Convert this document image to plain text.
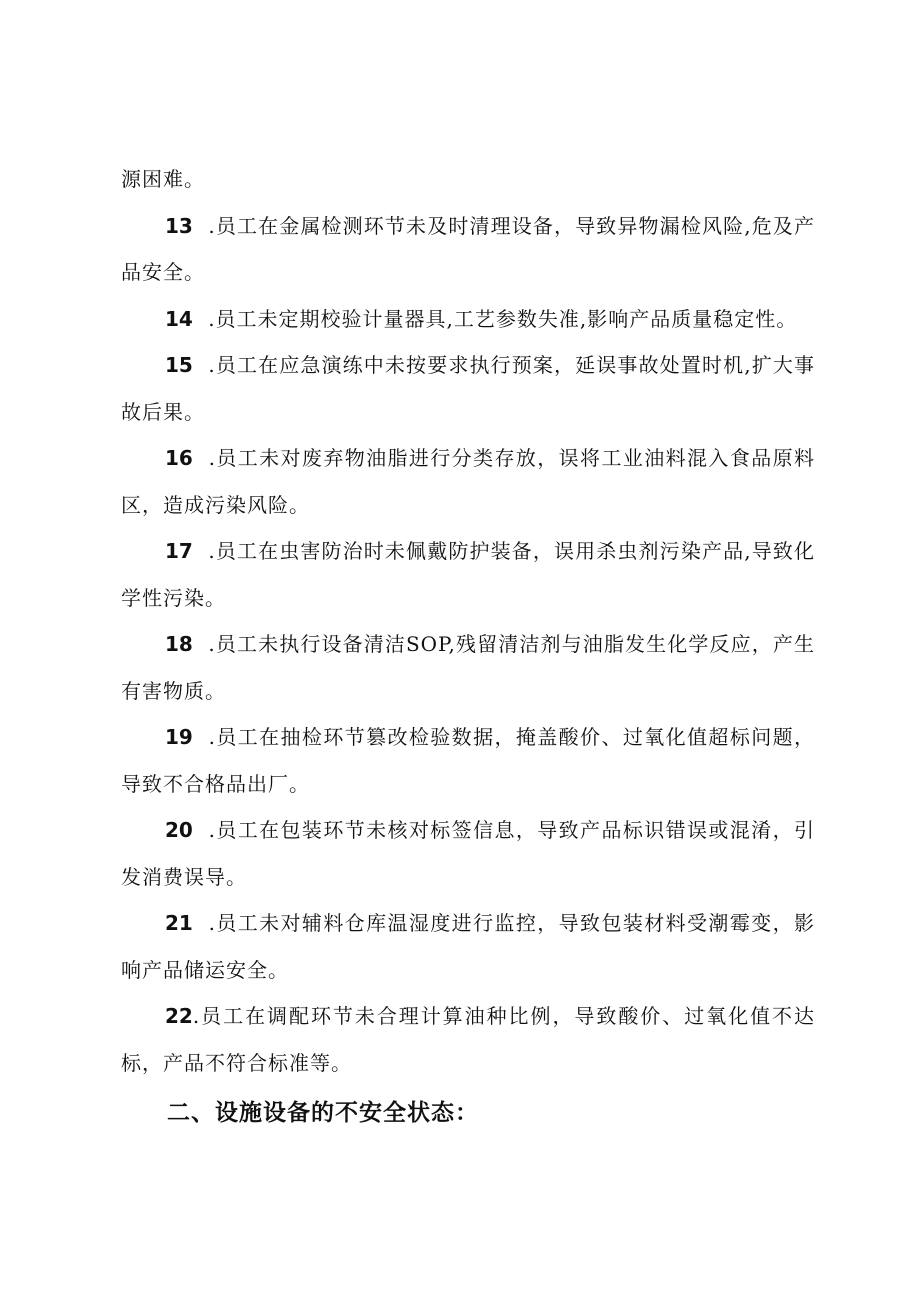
源困难。

13 .员工在金属检测环节未及时清理设备，导致异物漏检风险,危及产品安全。

14 .员工未定期校验计量器具,工艺参数失准,影响产品质量稳定性。

15 .员工在应急演练中未按要求执行预案，延误事故处置时机,扩大事故后果。

16 .员工未对废弃物油脂进行分类存放，误将工业油料混入食品原料区，造成污染风险。

17 .员工在虫害防治时未佩戴防护装备，误用杀虫剂污染产品,导致化学性污染。

18 .员工未执行设备清洁SOP,残留清洁剂与油脂发生化学反应，产生有害物质。

19 .员工在抽检环节篡改检验数据，掩盖酸价、过氧化值超标问题，导致不合格品出厂。

20 .员工在包装环节未核对标签信息，导致产品标识错误或混淆，引发消费误导。

21 .员工未对辅料仓库温湿度进行监控，导致包装材料受潮霉变，影响产品储运安全。

22.员工在调配环节未合理计算油种比例，导致酸价、过氧化值不达标，产品不符合标准等。

二、设施设备的不安全状态：
